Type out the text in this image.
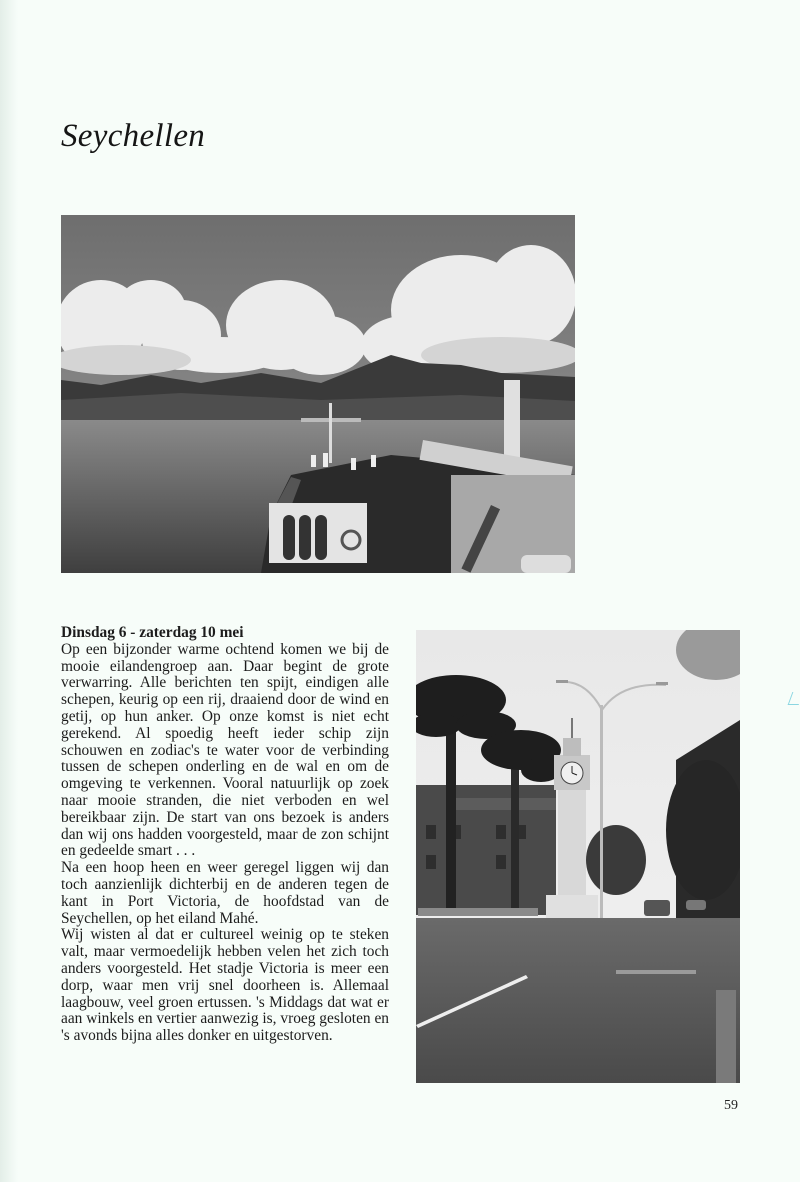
Seychellen
Dinsdag 6 - zaterdag 10 mei

Op een bijzonder warme ochtend komen we bij de mooie eilandengroep aan. Daar begint de grote verwarring. Alle berichten ten spijt, eindigen alle schepen, keurig op een rij, draaiend door de wind en getij, op hun anker. Op onze komst is niet echt gerekend. Al spoedig heeft ieder schip zijn schouwen en zodiac's te water voor de verbinding tussen de schepen onderling en de wal en om de omgeving te verkennen. Vooral natuurlijk op zoek naar mooie stranden, die niet verboden en wel bereikbaar zijn. De start van ons bezoek is anders dan wij ons hadden voorgesteld, maar de zon schijnt en gedeelde smart . . .

Na een hoop heen en weer geregel liggen wij dan toch aanzienlijk dichterbij en de anderen tegen de kant in Port Victoria, de hoofdstad van de Seychellen, op het eiland Mahé.

Wij wisten al dat er cultureel weinig op te steken valt, maar vermoedelijk hebben velen het zich toch anders voorgesteld. Het stadje Victoria is meer een dorp, waar men vrij snel doorheen is. Allemaal laagbouw, veel groen ertussen. 's Middags dat wat er aan winkels en vertier aanwezig is, vroeg gesloten en 's avonds bijna alles donker en uitgestorven.

59
